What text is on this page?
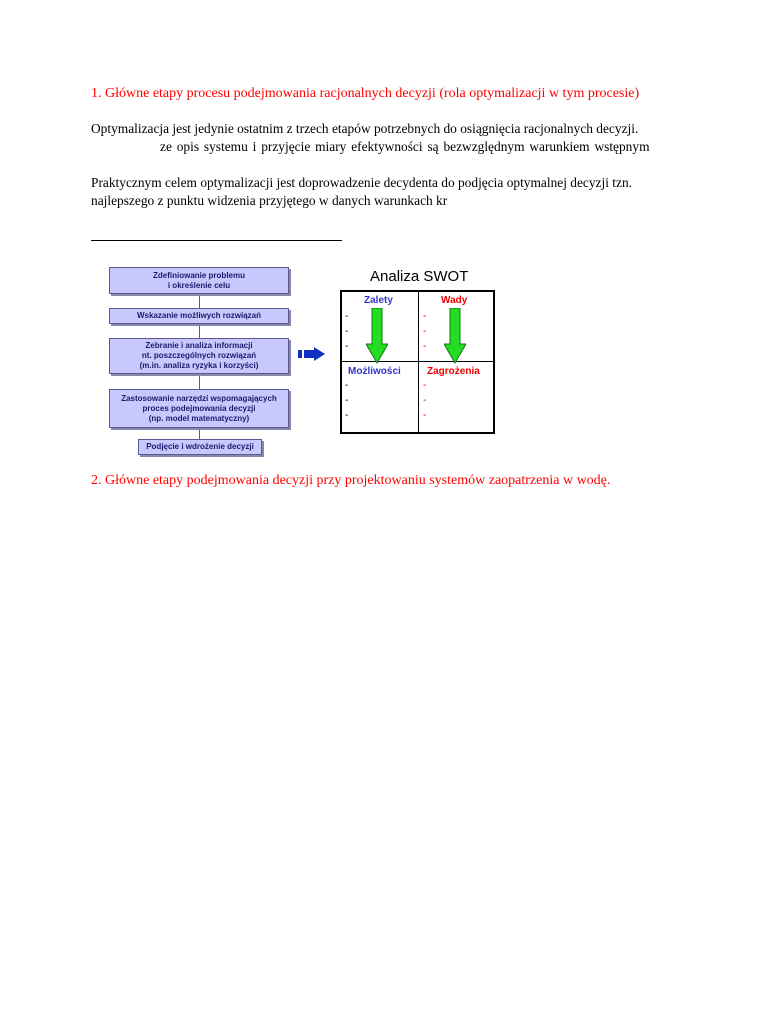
1. Główne etapy procesu podejmowania racjonalnych decyzji (rola optymalizacji w tym procesie)
Optymalizacja jest jedynie ostatnim z trzech etapów potrzebnych do osiągnięcia racjonalnych decyzji.
ze opis systemu i przyjęcie miary efektywności są bezwzględnym warunkiem wstępnym
Praktycznym celem optymalizacji jest doprowadzenie decydenta do podjęcia optymalnej decyzji tzn.
najlepszego z punktu widzenia przyjętego w danych warunkach kr
Zdefiniowanie problemu
i określenie celu
Wskazanie możliwych rozwiązań
Zebranie i analiza informacji
nt. poszczególnych rozwiązań
(m.in. analiza ryzyka i korzyści)
Zastosowanie narzędzi wspomagających
proces podejmowania decyzji
(np. model matematyczny)
Podjęcie i wdrożenie decyzji
Analiza SWOT
Zalety
-
-
-
Wady
-
-
-
Możliwości
-
-
-
Zagrożenia
-
-
-
2. Główne etapy podejmowania decyzji przy projektowaniu systemów zaopatrzenia w wodę.
